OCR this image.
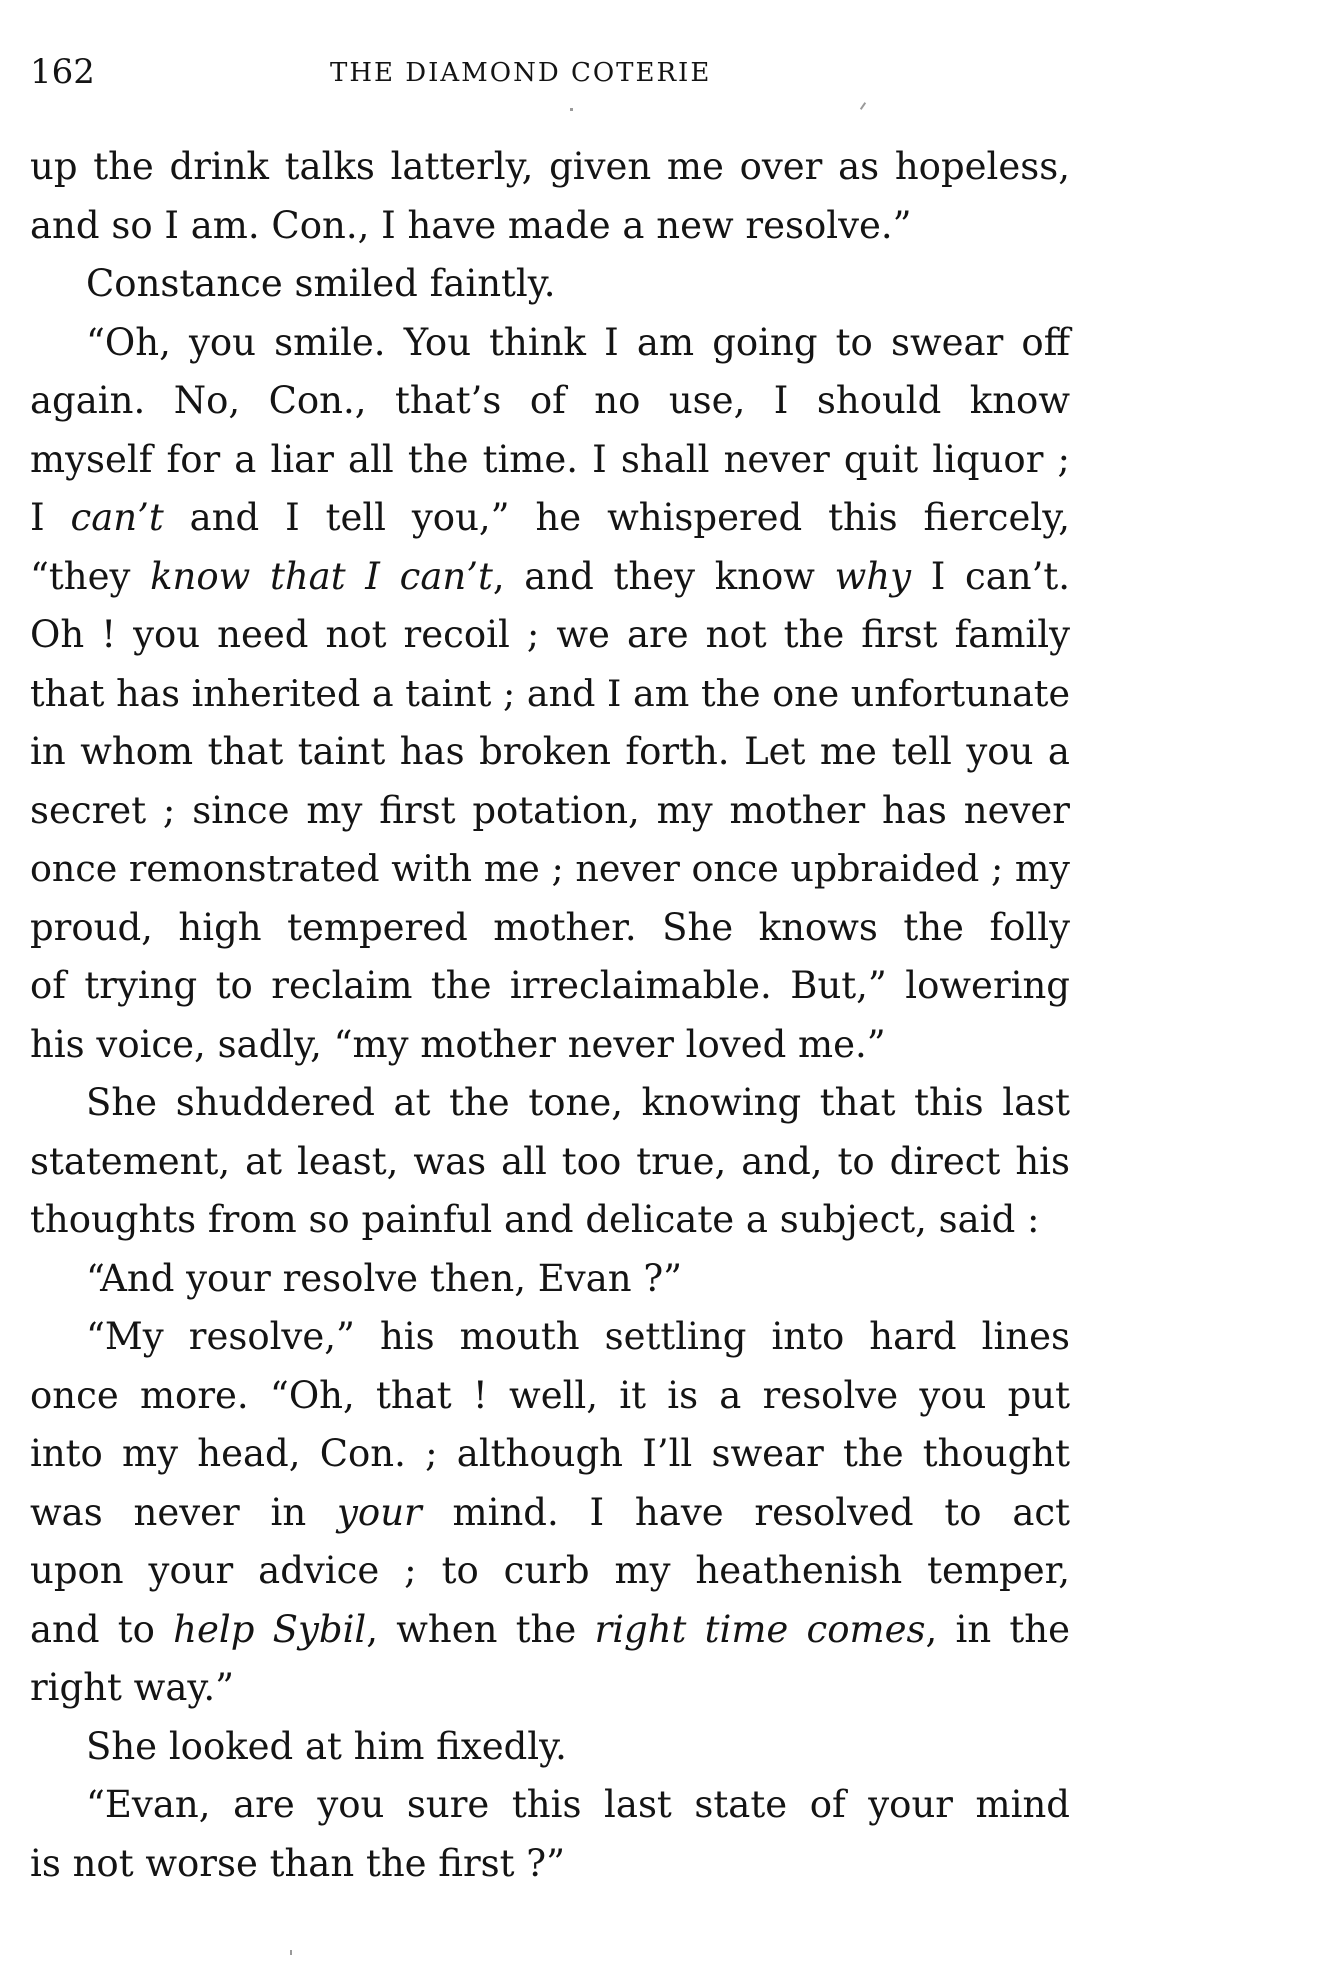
162	THE DIAMOND COTERIE
up the drink talks latterly, given me over as hopeless,
and so I am. Con., I have made a new resolve.”
Constance smiled faintly.
“Oh, you smile. You think I am going to swear off
again. No, Con., that’s of no use, I should know
myself for a liar all the time. I shall never quit liquor ;
I can’t and I tell you,” he whispered this fiercely,
“they know that I can’t, and they know why I can’t.
Oh ! you need not recoil ; we are not the first family
that has inherited a taint ; and I am the one unfortunate
in whom that taint has broken forth. Let me tell you a
secret ; since my first potation, my mother has never
once remonstrated with me ; never once upbraided ; my
proud, high tempered mother. She knows the folly
of trying to reclaim the irreclaimable. But,” lowering
his voice, sadly, “my mother never loved me.”
She shuddered at the tone, knowing that this last
statement, at least, was all too true, and, to direct his
thoughts from so painful and delicate a subject, said :
“And your resolve then, Evan ?”
“My resolve,” his mouth settling into hard lines
once more. “Oh, that ! well, it is a resolve you put
into my head, Con. ; although I’ll swear the thought
was never in your mind. I have resolved to act
upon your advice ; to curb my heathenish temper,
and to help Sybil, when the right time comes, in the
right way.”
She looked at him fixedly.
“Evan, are you sure this last state of your mind
is not worse than the first ?”
